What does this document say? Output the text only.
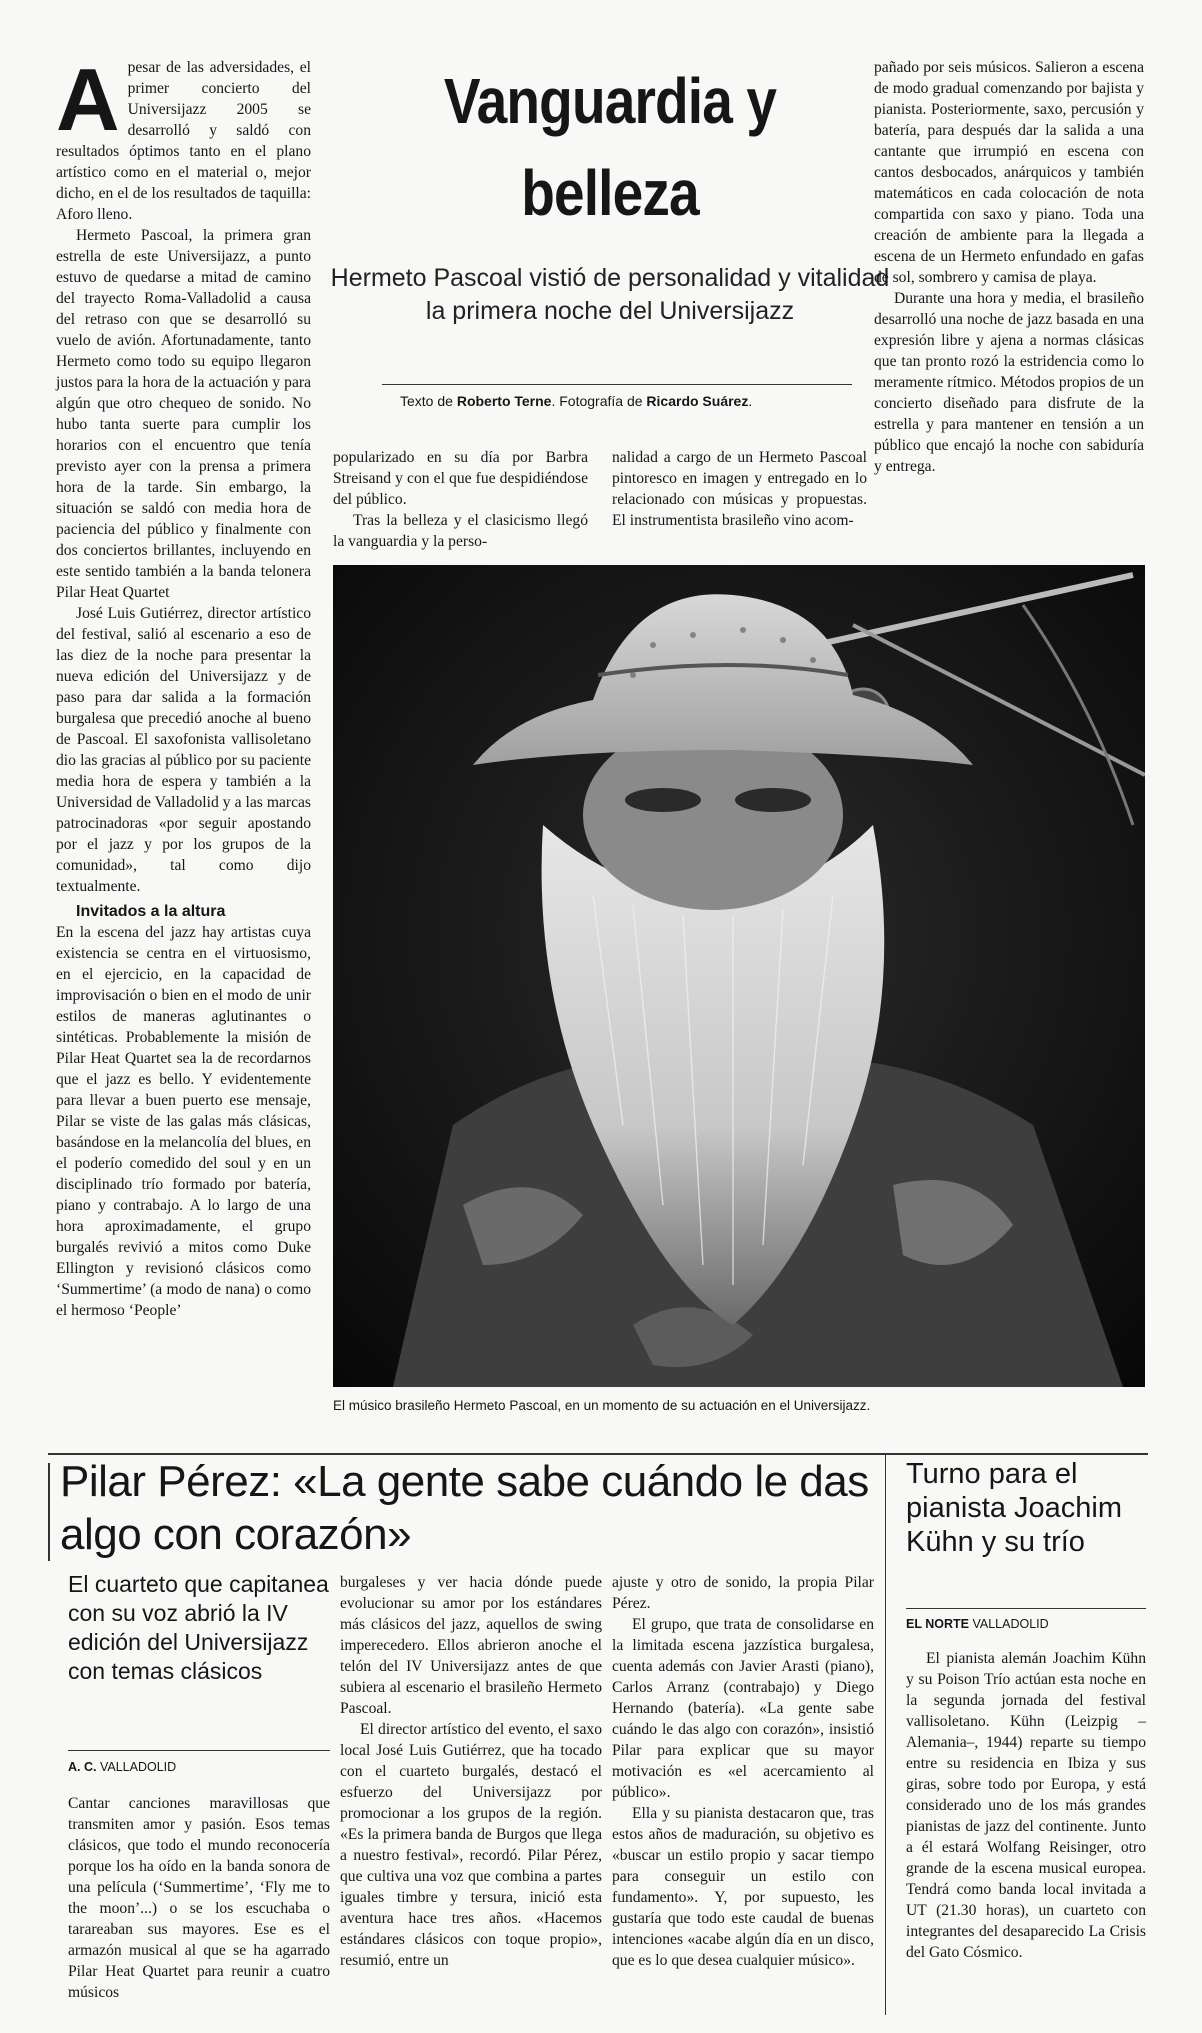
Apesar de las adversidades, el primer concierto del Universijazz 2005 se desarrolló y saldó con resultados óptimos tanto en el plano artístico como en el material o, mejor dicho, en el de los resultados de taquilla: Aforo lleno.

Hermeto Pascoal, la primera gran estrella de este Universijazz, a punto estuvo de quedarse a mitad de camino del trayecto Roma-Valladolid a causa del retraso con que se desarrolló su vuelo de avión. Afortunadamente, tanto Hermeto como todo su equipo llegaron justos para la hora de la actuación y para algún que otro chequeo de sonido. No hubo tanta suerte para cumplir los horarios con el encuentro que tenía previsto ayer con la prensa a primera hora de la tarde. Sin embargo, la situación se saldó con media hora de paciencia del público y finalmente con dos conciertos brillantes, incluyendo en este sentido también a la banda telonera Pilar Heat Quartet

José Luis Gutiérrez, director artístico del festival, salió al escenario a eso de las diez de la noche para presentar la nueva edición del Universijazz y de paso para dar salida a la formación burgalesa que precedió anoche al bueno de Pascoal. El saxofonista vallisoletano dio las gracias al público por su paciente media hora de espera y también a la Universidad de Valladolid y a las marcas patrocinadoras «por seguir apostando por el jazz y por los grupos de la comunidad», tal como dijo textualmente.

Invitados a la altura

En la escena del jazz hay artistas cuya existencia se centra en el virtuosismo, en el ejercicio, en la capacidad de improvisación o bien en el modo de unir estilos de maneras aglutinantes o sintéticas. Probablemente la misión de Pilar Heat Quartet sea la de recordarnos que el jazz es bello. Y evidentemente para llevar a buen puerto ese mensaje, Pilar se viste de las galas más clásicas, basándose en la melancolía del blues, en el poderío comedido del soul y en un disciplinado trío formado por batería, piano y contrabajo. A lo largo de una hora aproximadamente, el grupo burgalés revivió a mitos como Duke Ellington y revisionó clásicos como ‘Summertime’ (a modo de nana) o como el hermoso ‘People’

Vanguardia y belleza
Hermeto Pascoal vistió de personalidad y vitalidad la primera noche del Universijazz
Texto de Roberto Terne. Fotografía de Ricardo Suárez.

popularizado en su día por Barbra Streisand y con el que fue despidiéndose del público.

Tras la belleza y el clasicismo llegó la vanguardia y la perso-

nalidad a cargo de un Hermeto Pascoal pintoresco en imagen y entregado en lo relacionado con músicas y propuestas. El instrumentista brasileño vino acom-

pañado por seis músicos. Salieron a escena de modo gradual comenzando por bajista y pianista. Posteriormente, saxo, percusión y batería, para después dar la salida a una cantante que irrumpió en escena con cantos desbocados, anárquicos y también matemáticos en cada colocación de nota compartida con saxo y piano. Toda una creación de ambiente para la llegada a escena de un Hermeto enfundado en gafas de sol, sombrero y camisa de playa.

Durante una hora y media, el brasileño desarrolló una noche de jazz basada en una expresión libre y ajena a normas clásicas que tan pronto rozó la estridencia como lo meramente rítmico. Métodos propios de un concierto diseñado para disfrute de la estrella y para mantener en tensión a un público que encajó la noche con sabiduría y entrega.

El músico brasileño Hermeto Pascoal, en un momento de su actuación en el Universijazz.
Pilar Pérez: «La gente sabe cuándo le das algo con corazón»
El cuarteto que capitanea con su voz abrió la IV edición del Universijazz con temas clásicos
A. C. VALLADOLID

Cantar canciones maravillosas que transmiten amor y pasión. Esos temas clásicos, que todo el mundo reconocería porque los ha oído en la banda sonora de una película (‘Summertime’, ‘Fly me to the moon’...) o se los escuchaba o tarareaban sus mayores. Ese es el armazón musical al que se ha agarrado Pilar Heat Quartet para reunir a cuatro músicos

burgaleses y ver hacia dónde puede evolucionar su amor por los estándares más clásicos del jazz, aquellos de swing imperecedero. Ellos abrieron anoche el telón del IV Universijazz antes de que subiera al escenario el brasileño Hermeto Pascoal.

El director artístico del evento, el saxo local José Luis Gutiérrez, que ha tocado con el cuarteto burgalés, destacó el esfuerzo del Universijazz por promocionar a los grupos de la región. «Es la primera banda de Burgos que llega a nuestro festival», recordó. Pilar Pérez, que cultiva una voz que combina a partes iguales timbre y tersura, inició esta aventura hace tres años. «Hacemos estándares clásicos con toque propio», resumió, entre un

ajuste y otro de sonido, la propia Pilar Pérez.

El grupo, que trata de consolidarse en la limitada escena jazzística burgalesa, cuenta además con Javier Arasti (piano), Carlos Arranz (contrabajo) y Diego Hernando (batería). «La gente sabe cuándo le das algo con corazón», insistió Pilar para explicar que su mayor motivación es «el acercamiento al público».

Ella y su pianista destacaron que, tras estos años de maduración, su objetivo es «buscar un estilo propio y sacar tiempo para conseguir un estilo con fundamento». Y, por supuesto, les gustaría que todo este caudal de buenas intenciones «acabe algún día en un disco, que es lo que desea cualquier músico».

Turno para el pianista Joachim Kühn y su trío
EL NORTE VALLADOLID

El pianista alemán Joachim Kühn y su Poison Trío actúan esta noche en la segunda jornada del festival vallisoletano. Kühn (Leizpig –Alemania–, 1944) reparte su tiempo entre su residencia en Ibiza y sus giras, sobre todo por Europa, y está considerado uno de los más grandes pianistas de jazz del continente. Junto a él estará Wolfang Reisinger, otro grande de la escena musical europea. Tendrá como banda local invitada a UT (21.30 horas), un cuarteto con integrantes del desaparecido La Crisis del Gato Cósmico.
